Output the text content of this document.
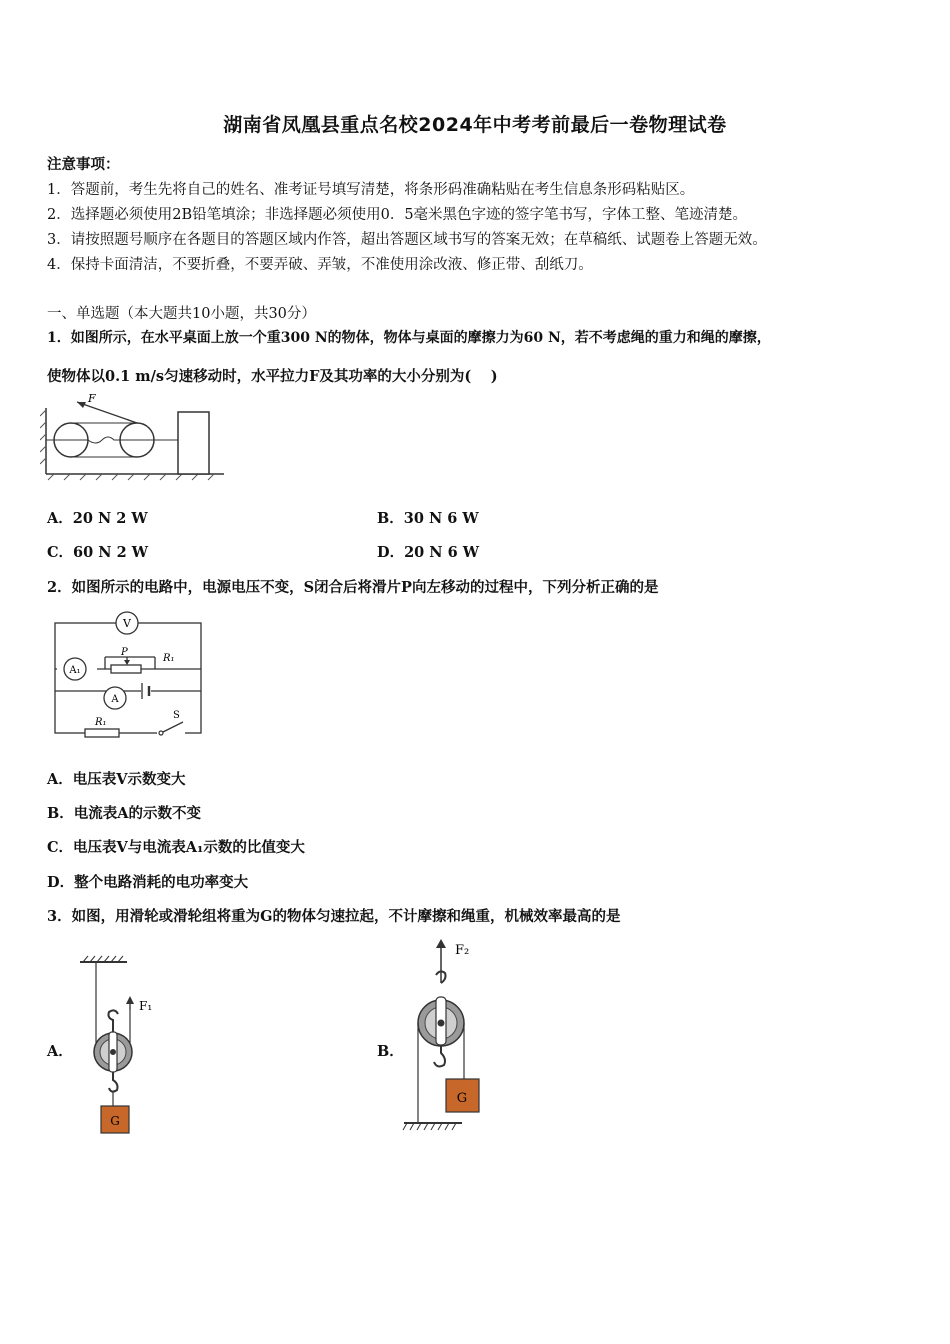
湖南省凤凰县重点名校2024年中考考前最后一卷物理试卷
注意事项：
1．答题前，考生先将自己的姓名、准考证号填写清楚，将条形码准确粘贴在考生信息条形码粘贴区。
2．选择题必须使用2B铅笔填涂；非选择题必须使用0．5毫米黑色字迹的签字笔书写，字体工整、笔迹清楚。
3．请按照题号顺序在各题目的答题区域内作答，超出答题区域书写的答案无效；在草稿纸、试题卷上答题无效。
4．保持卡面清洁，不要折叠，不要弄破、弄皱，不准使用涂改液、修正带、刮纸刀。
一、单选题（本大题共10小题，共30分）
1．如图所示，在水平桌面上放一个重300 N的物体，物体与桌面的摩擦力为60 N，若不考虑绳的重力和绳的摩擦，
使物体以0.1 m/s匀速移动时，水平拉力F及其功率的大小分别为(　 )
F
A．20 N 2 W	B．30 N 6 W
C．60 N 2 W	D．20 N 6 W
2．如图所示的电路中，电源电压不变，S闭合后将滑片P向左移动的过程中，下列分析正确的是
A₁
V
P
R₁
A
R₁
S
A．电压表V示数变大
B．电流表A的示数不变
C．电压表V与电流表A₁示数的比值变大
D．整个电路消耗的电功率变大
3．如图，用滑轮或滑轮组将重为G的物体匀速拉起，不计摩擦和绳重，机械效率最高的是
A．
F₁
G
B．
F₂
G
